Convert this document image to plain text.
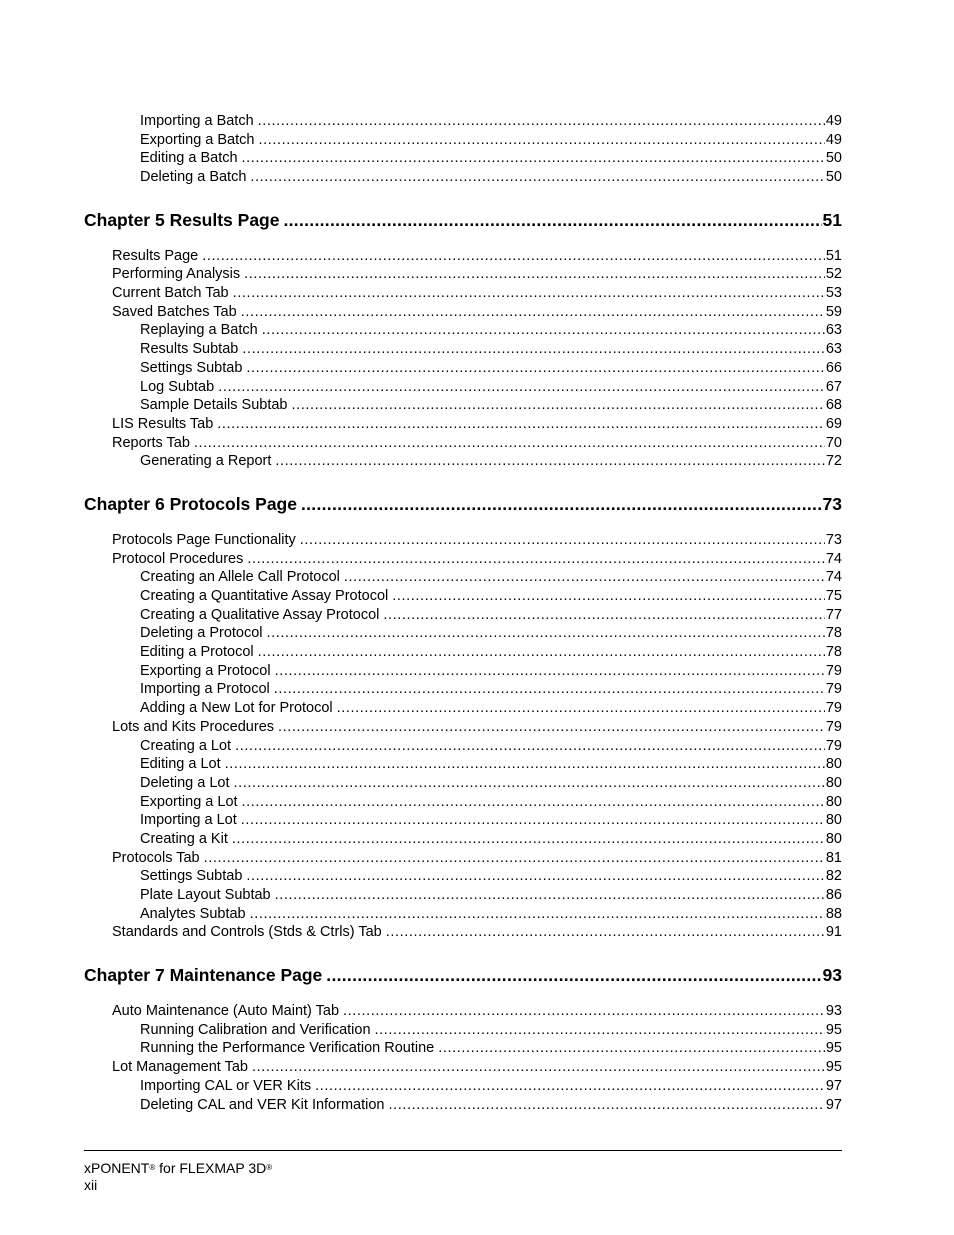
Importing a Batch .....	49
Exporting a Batch .....	49
Editing a Batch .....	50
Deleting a Batch .....	50
Chapter 5 Results Page .....	51
Results Page .....	51
Performing Analysis .....	52
Current Batch Tab .....	53
Saved Batches Tab .....	59
Replaying a Batch .....	63
Results Subtab .....	63
Settings Subtab .....	66
Log Subtab .....	67
Sample Details Subtab .....	68
LIS Results Tab .....	69
Reports Tab .....	70
Generating a Report .....	72
Chapter 6 Protocols Page .....	73
Protocols Page Functionality .....	73
Protocol Procedures .....	74
Creating an Allele Call Protocol .....	74
Creating a Quantitative Assay Protocol .....	75
Creating a Qualitative Assay Protocol .....	77
Deleting a Protocol .....	78
Editing a Protocol .....	78
Exporting a Protocol .....	79
Importing a Protocol .....	79
Adding a New Lot for Protocol .....	79
Lots and Kits Procedures .....	79
Creating a Lot .....	79
Editing a Lot .....	80
Deleting a Lot .....	80
Exporting a Lot .....	80
Importing a Lot .....	80
Creating a Kit .....	80
Protocols Tab .....	81
Settings Subtab .....	82
Plate Layout Subtab .....	86
Analytes Subtab .....	88
Standards and Controls (Stds & Ctrls) Tab .....	91
Chapter 7 Maintenance Page .....	93
Auto Maintenance (Auto Maint) Tab .....	93
Running Calibration and Verification .....	95
Running the Performance Verification Routine .....	95
Lot Management Tab .....	95
Importing CAL or VER Kits .....	97
Deleting CAL and VER Kit Information .....	97
xPONENT® for FLEXMAP 3D®
xii
